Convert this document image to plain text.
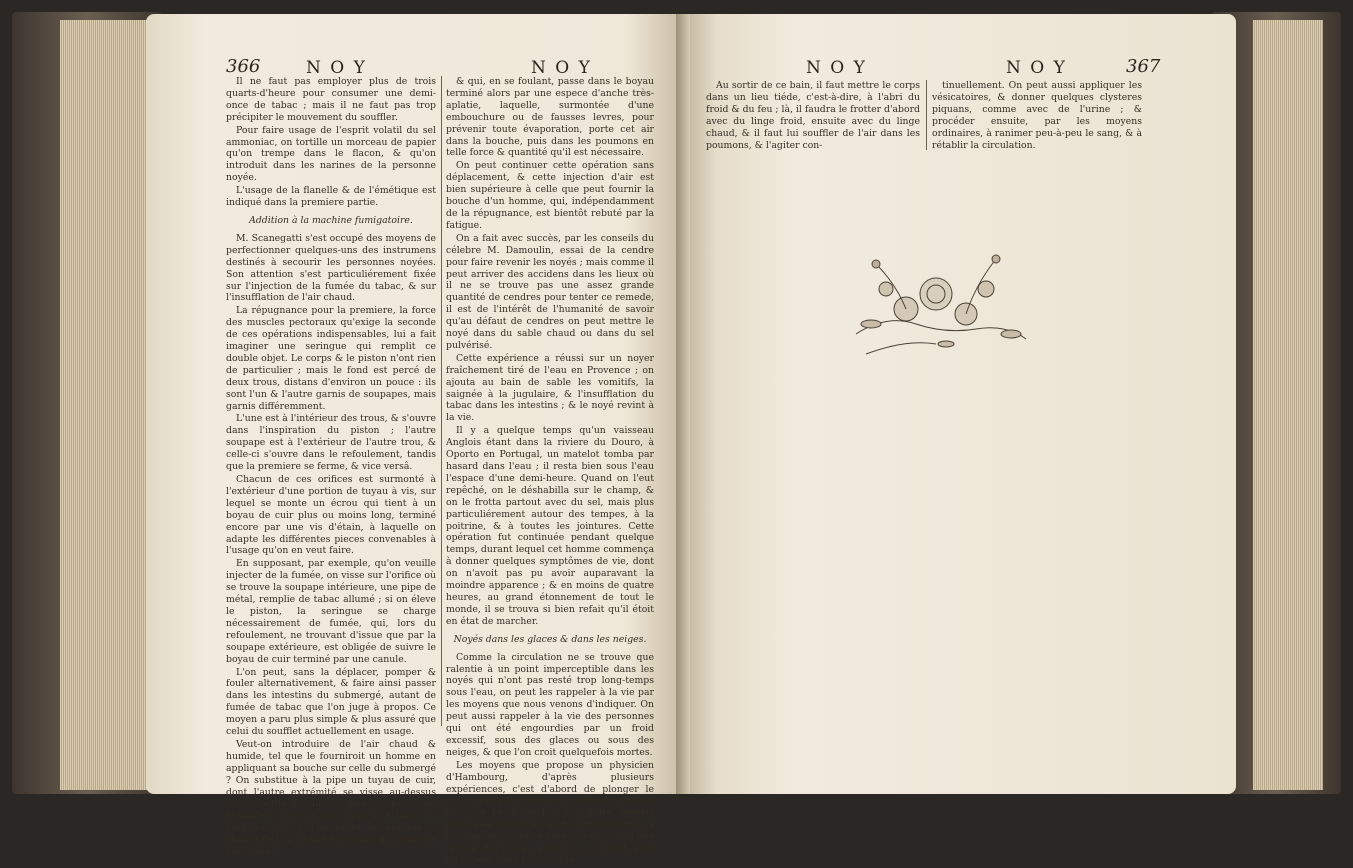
366	N O Y	N O Y

Il ne faut pas employer plus de trois quarts-d'heure pour consumer une demi-once de tabac ; mais il ne faut pas trop précipiter le mouvement du souffler.

Pour faire usage de l'esprit volatil du sel ammoniac, on tortille un morceau de papier qu'on trempe dans le flacon, & qu'on introduit dans les narines de la personne noyée.

L'usage de la flanelle & de l'émétique est indiqué dans la premiere partie.

Addition à la machine fumigatoire.

M. Scanegatti s'est occupé des moyens de perfectionner quelques-uns des instrumens destinés à secourir les personnes noyées. Son attention s'est particuliérement fixée sur l'injection de la fumée du tabac, & sur l'insufflation de l'air chaud.

La répugnance pour la premiere, la force des muscles pectoraux qu'exige la seconde de ces opérations indispensables, lui a fait imaginer une seringue qui remplit ce double objet. Le corps & le piston n'ont rien de particulier ; mais le fond est percé de deux trous, distans d'environ un pouce : ils sont l'un & l'autre garnis de soupapes, mais garnis différemment.

L'une est à l'intérieur des trous, & s'ouvre dans l'inspiration du piston ; l'autre soupape est à l'extérieur de l'autre trou, & celle-ci s'ouvre dans le refoulement, tandis que la premiere se ferme, & vice versâ.

Chacun de ces orifices est surmonté à l'extérieur d'une portion de tuyau à vis, sur lequel se monte un écrou qui tient à un boyau de cuir plus ou moins long, terminé encore par une vis d'étain, à laquelle on adapte les différentes pieces convenables à l'usage qu'on en veut faire.

En supposant, par exemple, qu'on veuille injecter de la fumée, on visse sur l'orifice où se trouve la soupape intérieure, une pipe de métal, remplie de tabac allumé ; si on éleve le piston, la seringue se charge nécessairement de fumée, qui, lors du refoulement, ne trouvant d'issue que par la soupape extérieure, est obligée de suivre le boyau de cuir terminé par une canule.

L'on peut, sans la déplacer, pomper & fouler alternativement, & faire ainsi passer dans les intestins du submergé, autant de fumée de tabac que l'on juge à propos. Ce moyen a paru plus simple & plus assuré que celui du soufflet actuellement en usage.

Veut-on introduire de l'air chaud & humide, tel que le fourniroit un homme en appliquant sa bouche sur celle du submergé ? On substitue à la pipe un tuyau de cuir, dont l'autre extrémité se visse au-dessus d'une petite bouilloire, dans laquelle on échauffe un verre d'eau par une lampe à l'esprit-de-vin. Si l'on aspire, la seringue se charge de l'air chaud & humide qu'exhale la bouilloire,

& qui, en se foulant, passe dans le boyau terminé alors par une espece d'anche très-aplatie, laquelle, surmontée d'une embouchure ou de fausses levres, pour prévenir toute évaporation, porte cet air dans la bouche, puis dans les poumons en telle force & quantité qu'il est nécessaire.

On peut continuer cette opération sans déplacement, & cette injection d'air est bien supérieure à celle que peut fournir la bouche d'un homme, qui, indépendamment de la répugnance, est bientôt rebuté par la fatigue.

On a fait avec succès, par les conseils du célebre M. Damoulin, essai de la cendre pour faire revenir les noyés ; mais comme il peut arriver des accidens dans les lieux où il ne se trouve pas une assez grande quantité de cendres pour tenter ce remede, il est de l'intérêt de l'humanité de savoir qu'au défaut de cendres on peut mettre le noyé dans du sable chaud ou dans du sel pulvérisé.

Cette expérience a réussi sur un noyer fraîchement tiré de l'eau en Provence ; on ajouta au bain de sable les vomitifs, la saignée à la jugulaire, & l'insufflation du tabac dans les intestins ; & le noyé revint à la vie.

Il y a quelque temps qu'un vaisseau Anglois étant dans la riviere du Douro, à Oporto en Portugal, un matelot tomba par hasard dans l'eau ; il resta bien sous l'eau l'espace d'une demi-heure. Quand on l'eut repêché, on le déshabilla sur le champ, & on le frotta partout avec du sel, mais plus particuliérement autour des tempes, à la poitrine, & à toutes les jointures. Cette opération fut continuée pendant quelque temps, durant lequel cet homme commença à donner quelques symptômes de vie, dont on n'avoit pas pu avoir auparavant la moindre apparence ; & en moins de quatre heures, au grand étonnement de tout le monde, il se trouva si bien refait qu'il étoit en état de marcher.

Noyés dans les glaces & dans les neiges.

Comme la circulation ne se trouve que ralentie à un point imperceptible dans les noyés qui n'ont pas resté trop long-temps sous l'eau, on peut les rappeler à la vie par les moyens que nous venons d'indiquer. On peut aussi rappeler à la vie des personnes qui ont été engourdies par un froid excessif, sous des glaces ou sous des neiges, & que l'on croit quelquefois mortes.

Les moyens que propose un physicien d'Hambourg, d'après plusieurs expériences, c'est d'abord de plonger le corps que l'on retire du milieu des neiges dans de l'eau fraîche, pour faire dégeler peu-à-peu toutes les parties extérieures ; à l'instant on verra ce corps se couvrir d'une croûte de glace, ainsi que le fruit gelé qu'on met dans l'eau froide.

N O Y	N O Y	367

Au sortir de ce bain, il faut mettre le corps dans un lieu tiéde, c'est-à-dire, à l'abri du froid & du feu ; là, il faudra le frotter d'abord avec du linge froid, ensuite avec du linge chaud, & il faut lui souffler de l'air dans les poumons, & l'agiter con-

tinuellement. On peut aussi appliquer les vésicatoires, & donner quelques clysteres piquans, comme avec de l'urine ; & procéder ensuite, par les moyens ordinaires, à ranimer peu-à-peu le sang, & à rétablir la circulation.
